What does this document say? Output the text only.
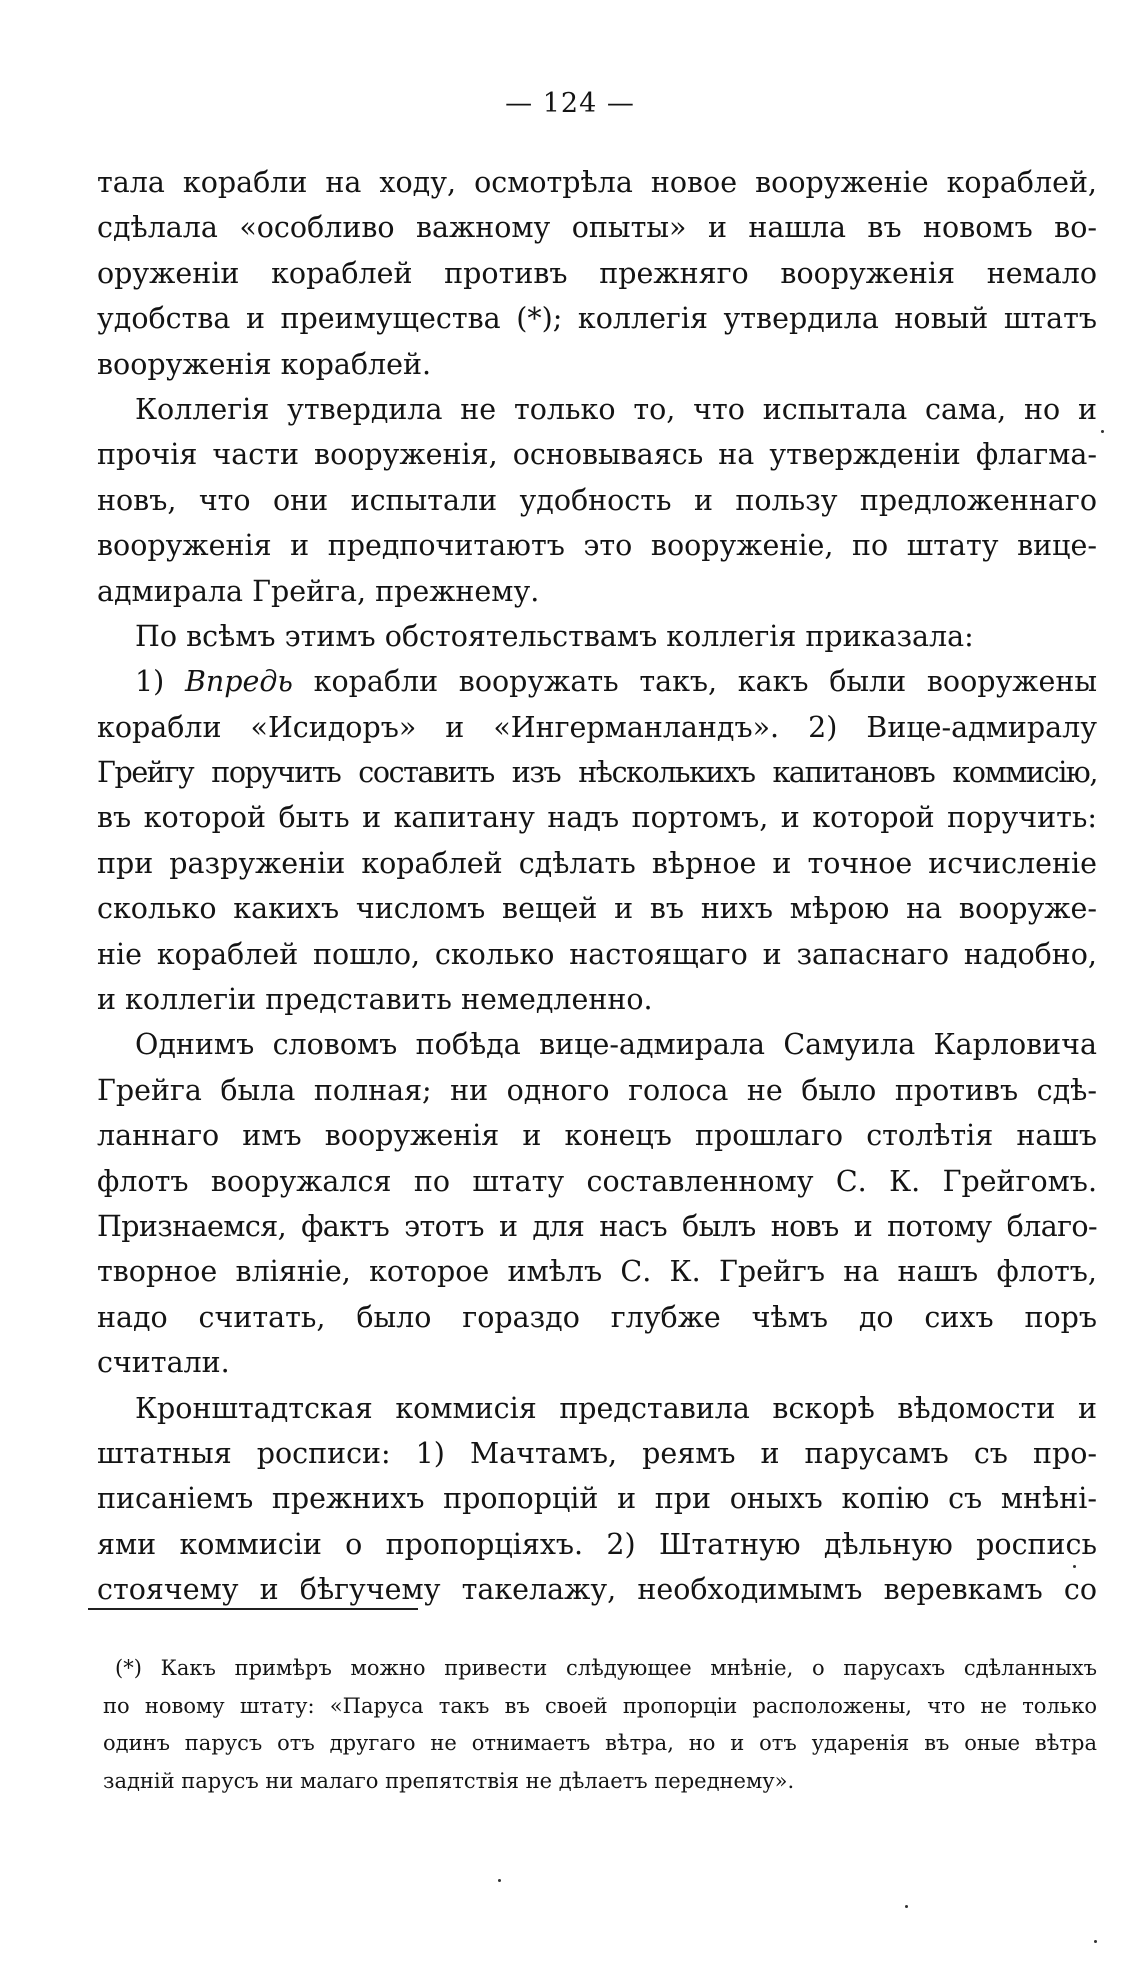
— 124 —
тала корабли на ходу, осмотрѣла новое вооруженіе кораблей,
сдѣлала «особливо важному опыты» и нашла въ новомъ во-
оруженіи кораблей противъ прежняго вооруженія немало
удобства и преимущества (*); коллегія утвердила новый штатъ
вооруженія кораблей.
Коллегія утвердила не только то, что испытала сама, но и
прочія части вооруженія, основываясь на утвержденіи флагма-
новъ, что они испытали удобность и пользу предложеннаго
вооруженія и предпочитаютъ это вооруженіе, по штату вице-
адмирала Грейга, прежнему.
По всѣмъ этимъ обстоятельствамъ коллегія приказала:
1) Впредь корабли вооружать такъ, какъ были вооружены
корабли «Исидоръ» и «Ингерманландъ». 2) Вице-адмиралу
Грейгу поручить составить изъ нѣсколькихъ капитановъ коммисію,
въ которой быть и капитану надъ портомъ, и которой поручить:
при разруженіи кораблей сдѣлать вѣрное и точное исчисленіе
сколько какихъ числомъ вещей и въ нихъ мѣрою на вооруже-
ніе кораблей пошло, сколько настоящаго и запаснаго надобно,
и коллегіи представить немедленно.
Однимъ словомъ побѣда вице-адмирала Самуила Карловича
Грейга была полная; ни одного голоса не было противъ сдѣ-
ланнаго имъ вооруженія и конецъ прошлаго столѣтія нашъ
флотъ вооружался по штату составленному С. К. Грейгомъ.
Признаемся, фактъ этотъ и для насъ былъ новъ и потому благо-
творное вліяніе, которое имѣлъ С. К. Грейгъ на нашъ флотъ,
надо считать, было гораздо глубже чѣмъ до сихъ поръ
считали.
Кронштадтская коммисія представила вскорѣ вѣдомости и
штатныя росписи: 1) Мачтамъ, реямъ и парусамъ съ про-
писаніемъ прежнихъ пропорцій и при оныхъ копію съ мнѣні-
ями коммисіи о пропорціяхъ. 2) Штатную дѣльную роспись
стоячему и бѣгучему такелажу, необходимымъ веревкамъ со
(*) Какъ примѣръ можно привести слѣдующее мнѣніе, о парусахъ сдѣланныхъ
по новому штату: «Паруса такъ въ своей пропорціи расположены, что не только
одинъ парусъ отъ другаго не отнимаетъ вѣтра, но и отъ ударенія въ оные вѣтра
задній парусъ ни малаго препятствія не дѣлаетъ переднему».
